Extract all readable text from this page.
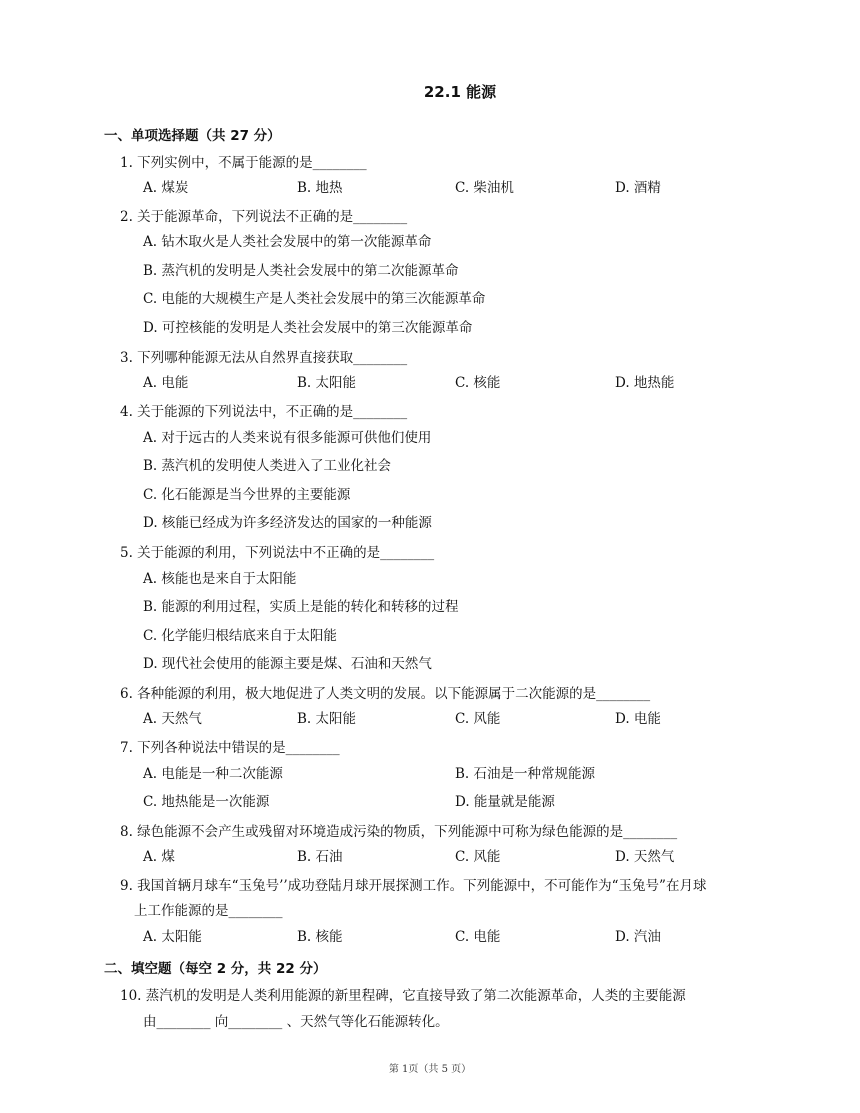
22.1 能源
一、单项选择题（共 27 分）
1. 下列实例中，不属于能源的是________
A. 煤炭	B. 地热	C. 柴油机	D. 酒精
2. 关于能源革命，下列说法不正确的是________
A. 钻木取火是人类社会发展中的第一次能源革命
B. 蒸汽机的发明是人类社会发展中的第二次能源革命
C. 电能的大规模生产是人类社会发展中的第三次能源革命
D. 可控核能的发明是人类社会发展中的第三次能源革命
3. 下列哪种能源无法从自然界直接获取________
A. 电能	B. 太阳能	C. 核能	D. 地热能
4. 关于能源的下列说法中，不正确的是________
A. 对于远古的人类来说有很多能源可供他们使用
B. 蒸汽机的发明使人类进入了工业化社会
C. 化石能源是当今世界的主要能源
D. 核能已经成为许多经济发达的国家的一种能源
5. 关于能源的利用，下列说法中不正确的是________
A. 核能也是来自于太阳能
B. 能源的利用过程，实质上是能的转化和转移的过程
C. 化学能归根结底来自于太阳能
D. 现代社会使用的能源主要是煤、石油和天然气
6. 各种能源的利用，极大地促进了人类文明的发展。以下能源属于二次能源的是________
A. 天然气	B. 太阳能	C. 风能	D. 电能
7. 下列各种说法中错误的是________
A. 电能是一种二次能源	B. 石油是一种常规能源
C. 地热能是一次能源	D. 能量就是能源
8. 绿色能源不会产生或残留对环境造成污染的物质，下列能源中可称为绿色能源的是________
A. 煤	B. 石油	C. 风能	D. 天然气
9. 我国首辆月球车“玉兔号’’成功登陆月球开展探测工作。下列能源中，不可能作为“玉兔号”在月球
上工作能源的是________
A. 太阳能	B. 核能	C. 电能	D. 汽油
二、填空题（每空 2 分，共 22 分）
10. 蒸汽机的发明是人类利用能源的新里程碑，它直接导致了第二次能源革命，人类的主要能源
由________ 向________ 、天然气等化石能源转化。
第 1页（共 5 页）
